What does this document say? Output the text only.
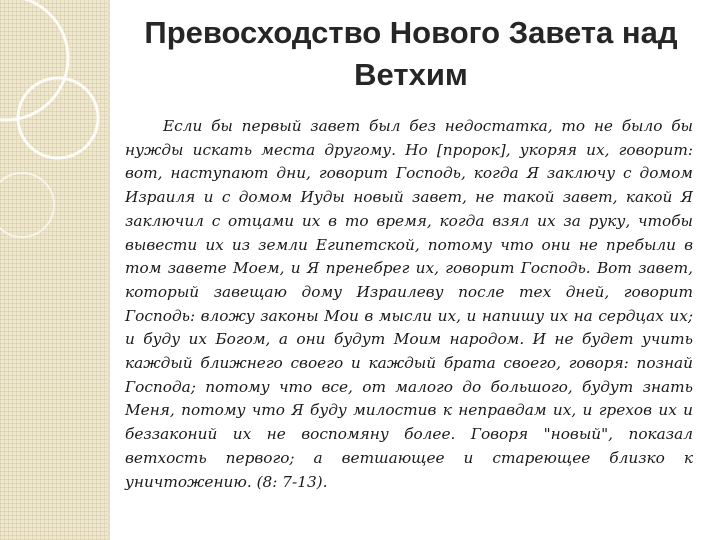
Превосходство Нового Завета над Ветхим

Если бы первый завет был без недостатка, то не было бы нужды искать места другому. Но [пророк], укоряя их, говорит: вот, наступают дни, говорит Господь, когда Я заключу с домом Израиля и с домом Иуды новый завет, не такой завет, какой Я заключил с отцами их в то время, когда взял их за руку, чтобы вывести их из земли Египетской, потому что они не пребыли в том завете Моем, и Я пренебрег их, говорит Господь. Вот завет, который завещаю дому Израилеву после тех дней, говорит Господь: вложу законы Мои в мысли их, и напишу их на сердцах их; и буду их Богом, а они будут Моим народом. И не будет учить каждый ближнего своего и каждый брата своего, говоря: познай Господа; потому что все, от малого до большого, будут знать Меня, потому что Я буду милостив к неправдам их, и грехов их и беззаконий их не воспомяну более. Говоря "новый", показал ветхость первого; а ветшающее и стареющее близко к уничтожению. (8: 7-13).
